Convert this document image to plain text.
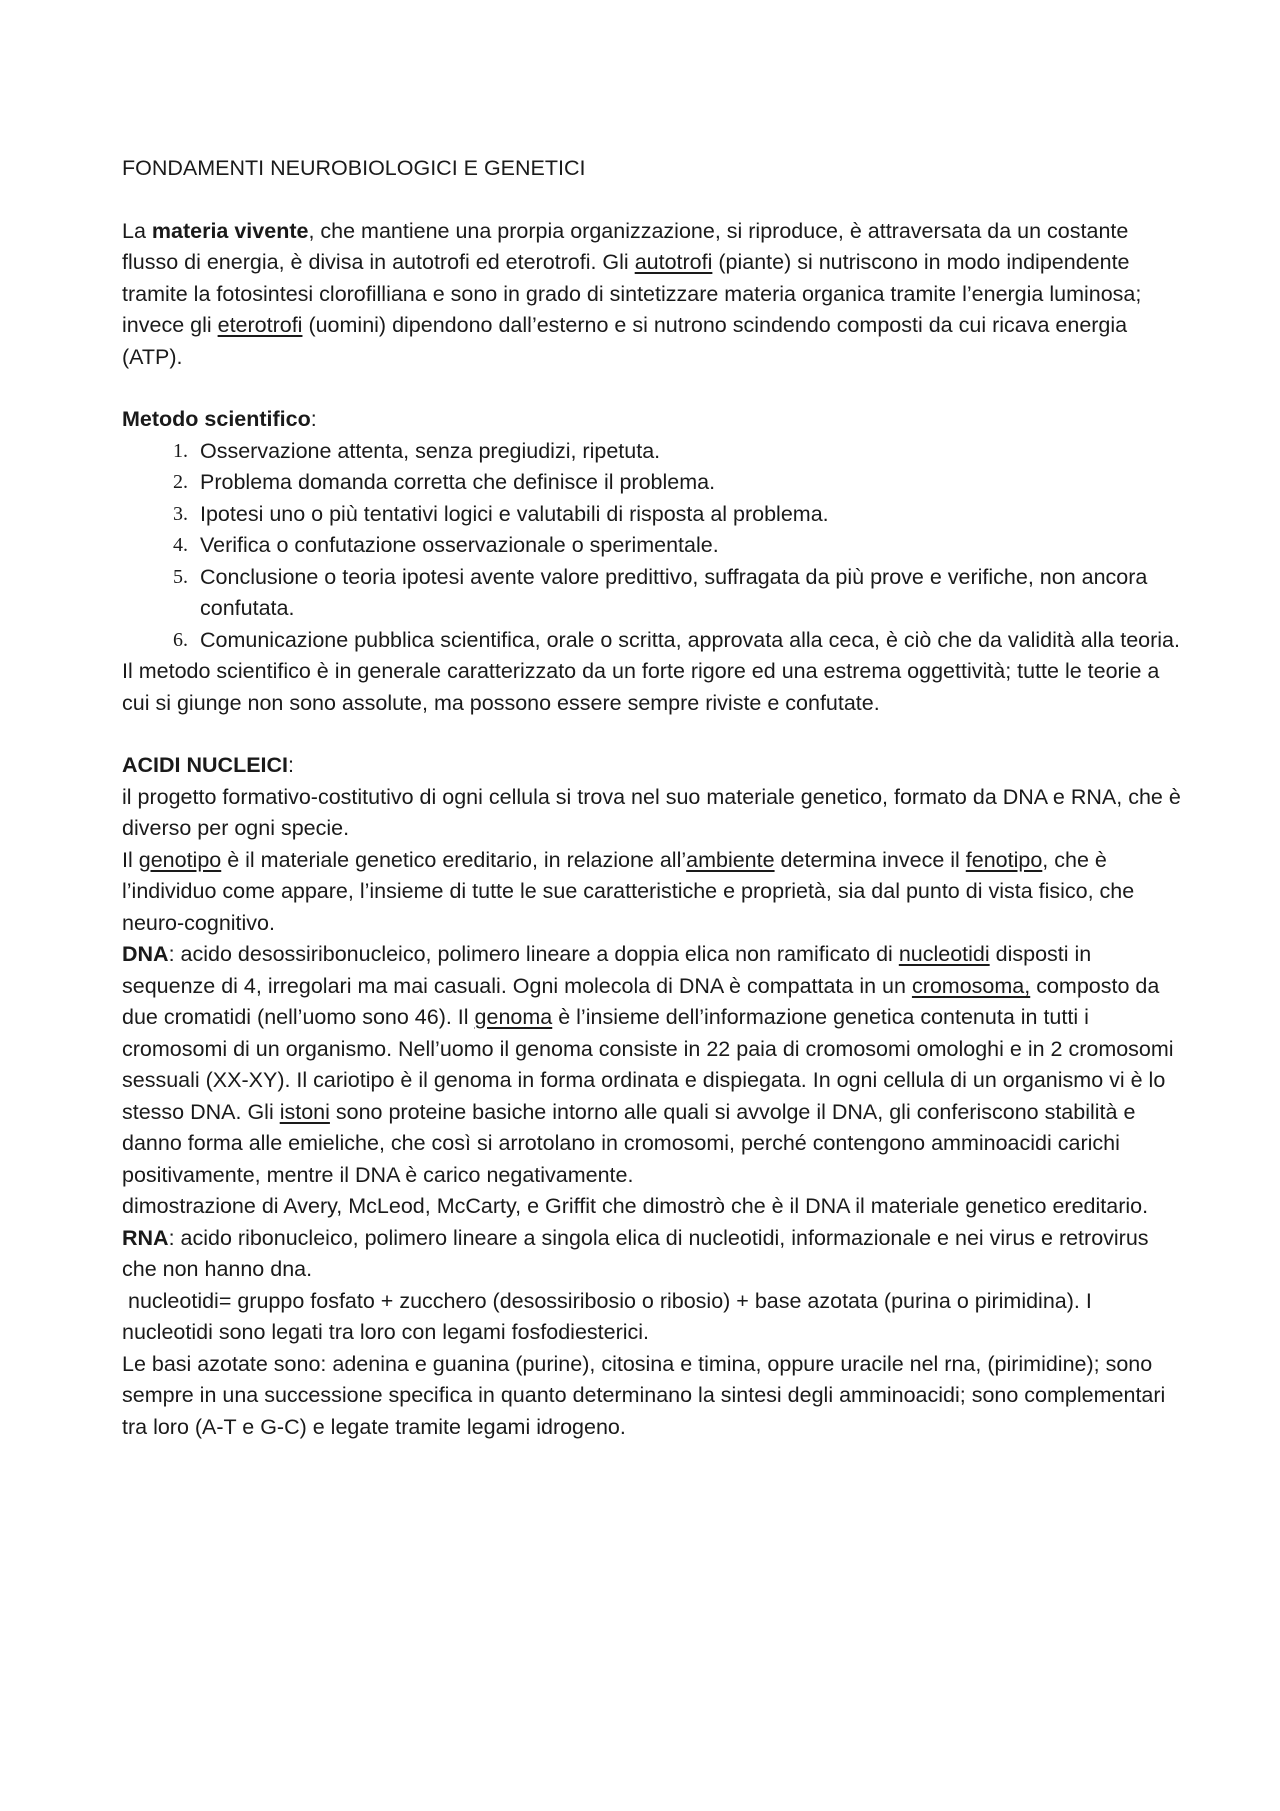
FONDAMENTI NEUROBIOLOGICI E GENETICI

La materia vivente, che mantiene una prorpia organizzazione, si riproduce, è attraversata da un costante flusso di energia, è divisa in autotrofi ed eterotrofi. Gli autotrofi (piante) si nutriscono in modo indipendente tramite la fotosintesi clorofilliana e sono in grado di sintetizzare materia organica tramite l’energia luminosa; invece gli eterotrofi (uomini) dipendono dall’esterno e si nutrono scindendo composti da cui ricava energia (ATP).

Metodo scientifico:

1. Osservazione attenta, senza pregiudizi, ripetuta.
2. Problema domanda corretta che definisce il problema.
3. Ipotesi uno o più tentativi logici e valutabili di risposta al problema.
4. Verifica o confutazione osservazionale o sperimentale.
5. Conclusione o teoria ipotesi avente valore predittivo, suffragata da più prove e verifiche, non ancora confutata.
6. Comunicazione pubblica scientifica, orale o scritta, approvata alla ceca, è ciò che da validità alla teoria.

Il metodo scientifico è in generale caratterizzato da un forte rigore ed una estrema oggettività; tutte le teorie a cui si giunge non sono assolute, ma possono essere sempre riviste e confutate.

ACIDI NUCLEICI:

il progetto formativo-costitutivo di ogni cellula si trova nel suo materiale genetico, formato da DNA e RNA, che è diverso per ogni specie.

Il genotipo è il materiale genetico ereditario, in relazione all’ambiente determina invece il fenotipo, che è l’individuo come appare, l’insieme di tutte le sue caratteristiche e proprietà, sia dal punto di vista fisico, che neuro-cognitivo.

DNA: acido desossiribonucleico, polimero lineare a doppia elica non ramificato di nucleotidi disposti in sequenze di 4, irregolari ma mai casuali. Ogni molecola di DNA è compattata in un cromosoma, composto da due cromatidi (nell’uomo sono 46). Il genoma è l’insieme dell’informazione genetica contenuta in tutti i cromosomi di un organismo. Nell’uomo il genoma consiste in 22 paia di cromosomi omologhi e in 2 cromosomi sessuali (XX-XY). Il cariotipo è il genoma in forma ordinata e dispiegata. In ogni cellula di un organismo vi è lo stesso DNA. Gli istoni sono proteine basiche intorno alle quali si avvolge il DNA, gli conferiscono stabilità e danno forma alle emieliche, che così si arrotolano in cromosomi, perché contengono amminoacidi carichi positivamente, mentre il DNA è carico negativamente.

dimostrazione di Avery, McLeod, McCarty, e Griffit che dimostrò che è il DNA il materiale genetico ereditario.

RNA: acido ribonucleico, polimero lineare a singola elica di nucleotidi, informazionale e nei virus e retrovirus che non hanno dna.

nucleotidi= gruppo fosfato + zucchero (desossiribosio o ribosio) + base azotata (purina o pirimidina). I nucleotidi sono legati tra loro con legami fosfodiesterici.

Le basi azotate sono: adenina e guanina (purine), citosina e timina, oppure uracile nel rna, (pirimidine); sono sempre in una successione specifica in quanto determinano la sintesi degli amminoacidi; sono complementari tra loro (A-T e G-C) e legate tramite legami idrogeno.
